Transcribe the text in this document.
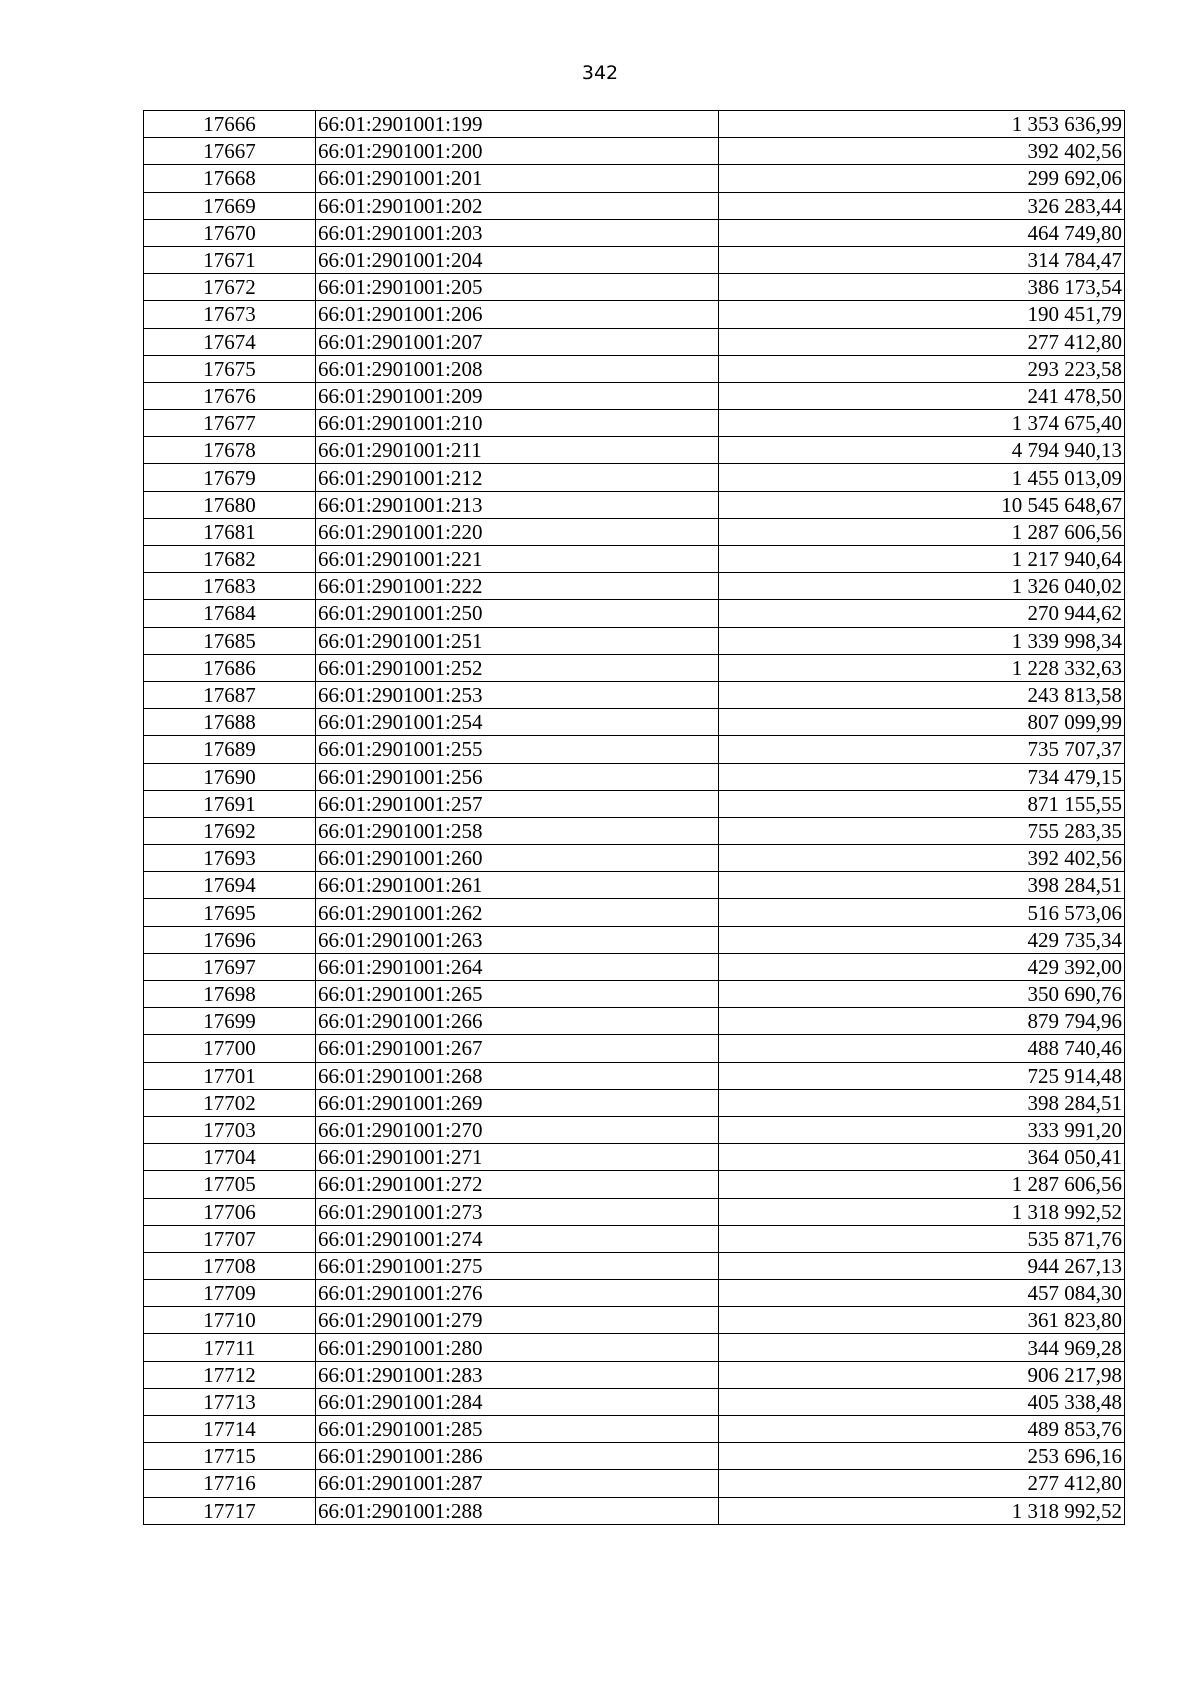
342
17666	66:01:2901001:199	1 353 636,99
17667	66:01:2901001:200	392 402,56
17668	66:01:2901001:201	299 692,06
17669	66:01:2901001:202	326 283,44
17670	66:01:2901001:203	464 749,80
17671	66:01:2901001:204	314 784,47
17672	66:01:2901001:205	386 173,54
17673	66:01:2901001:206	190 451,79
17674	66:01:2901001:207	277 412,80
17675	66:01:2901001:208	293 223,58
17676	66:01:2901001:209	241 478,50
17677	66:01:2901001:210	1 374 675,40
17678	66:01:2901001:211	4 794 940,13
17679	66:01:2901001:212	1 455 013,09
17680	66:01:2901001:213	10 545 648,67
17681	66:01:2901001:220	1 287 606,56
17682	66:01:2901001:221	1 217 940,64
17683	66:01:2901001:222	1 326 040,02
17684	66:01:2901001:250	270 944,62
17685	66:01:2901001:251	1 339 998,34
17686	66:01:2901001:252	1 228 332,63
17687	66:01:2901001:253	243 813,58
17688	66:01:2901001:254	807 099,99
17689	66:01:2901001:255	735 707,37
17690	66:01:2901001:256	734 479,15
17691	66:01:2901001:257	871 155,55
17692	66:01:2901001:258	755 283,35
17693	66:01:2901001:260	392 402,56
17694	66:01:2901001:261	398 284,51
17695	66:01:2901001:262	516 573,06
17696	66:01:2901001:263	429 735,34
17697	66:01:2901001:264	429 392,00
17698	66:01:2901001:265	350 690,76
17699	66:01:2901001:266	879 794,96
17700	66:01:2901001:267	488 740,46
17701	66:01:2901001:268	725 914,48
17702	66:01:2901001:269	398 284,51
17703	66:01:2901001:270	333 991,20
17704	66:01:2901001:271	364 050,41
17705	66:01:2901001:272	1 287 606,56
17706	66:01:2901001:273	1 318 992,52
17707	66:01:2901001:274	535 871,76
17708	66:01:2901001:275	944 267,13
17709	66:01:2901001:276	457 084,30
17710	66:01:2901001:279	361 823,80
17711	66:01:2901001:280	344 969,28
17712	66:01:2901001:283	906 217,98
17713	66:01:2901001:284	405 338,48
17714	66:01:2901001:285	489 853,76
17715	66:01:2901001:286	253 696,16
17716	66:01:2901001:287	277 412,80
17717	66:01:2901001:288	1 318 992,52
